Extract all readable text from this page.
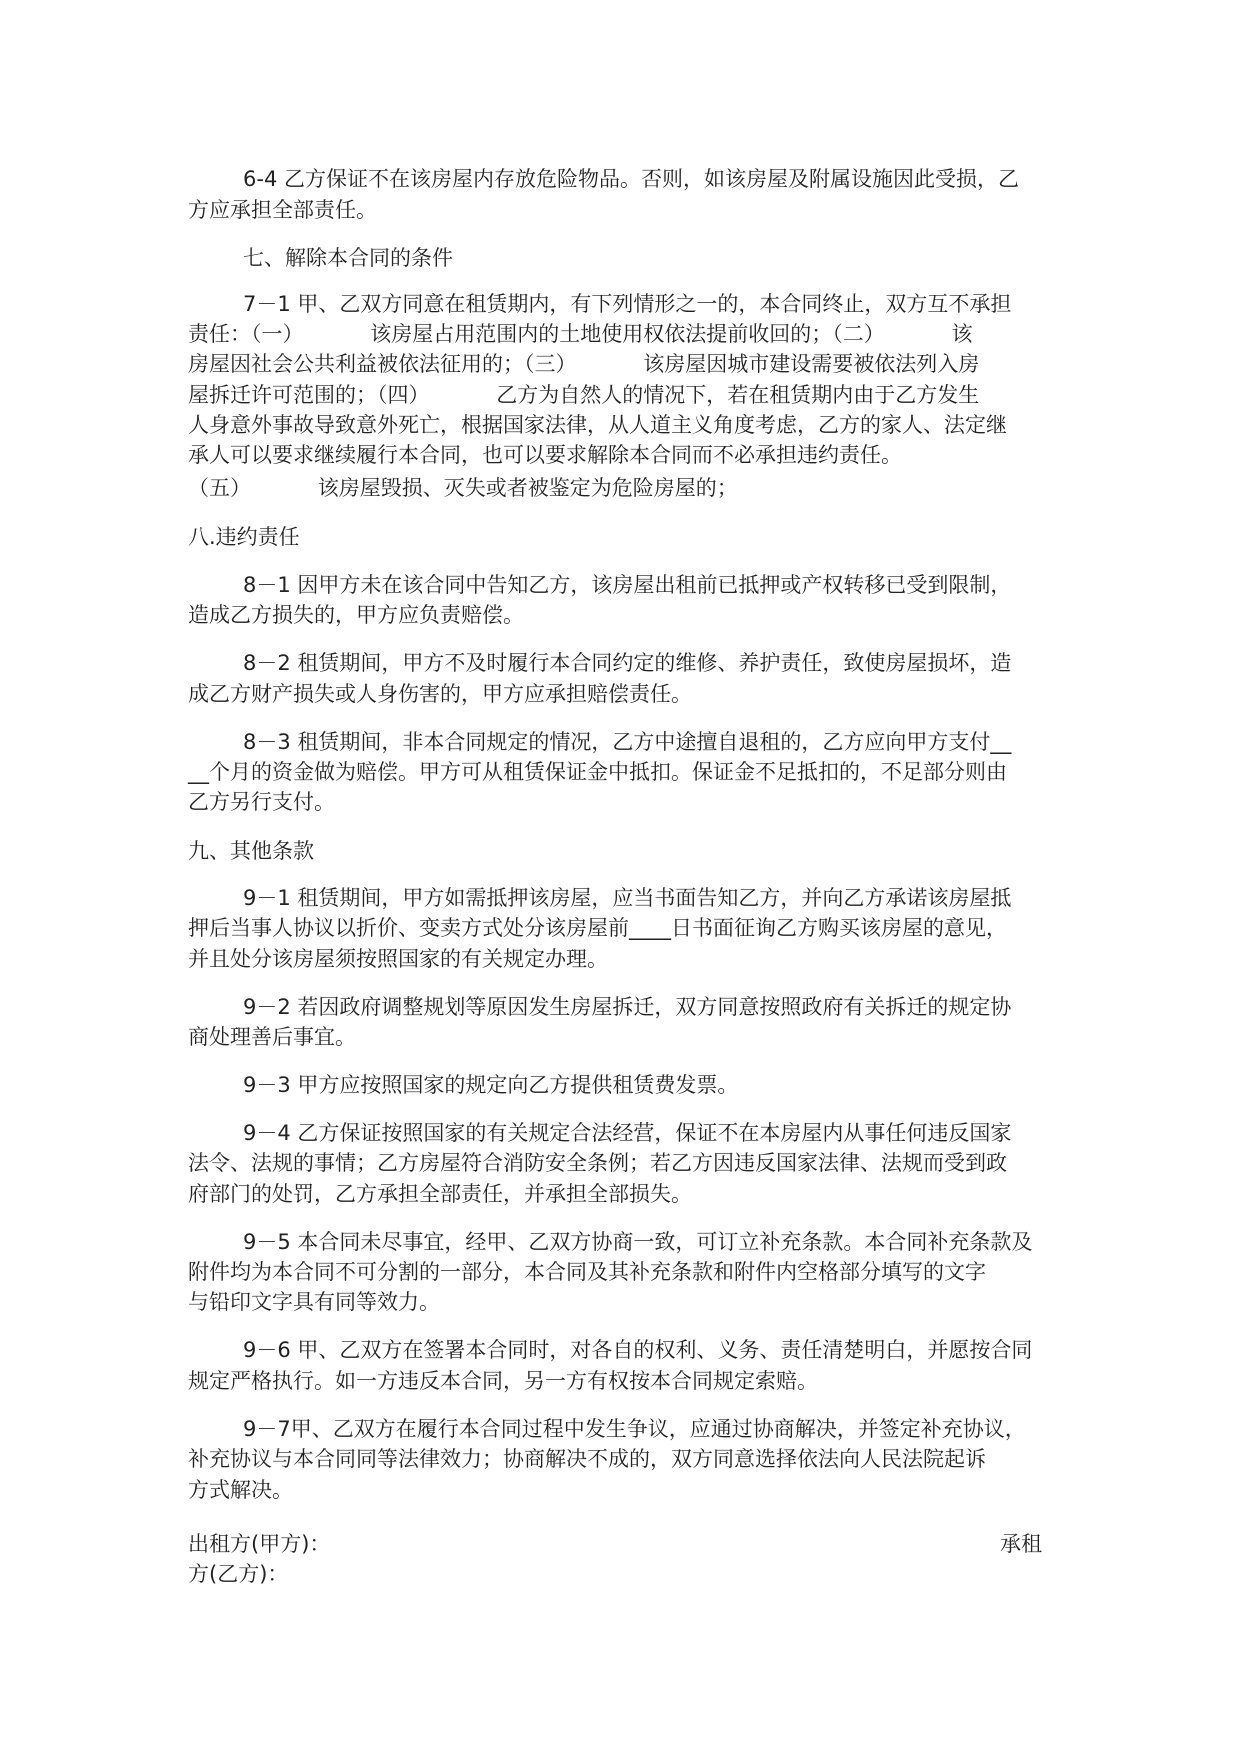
6-4 乙方保证不在该房屋内存放危险物品。否则，如该房屋及附属设施因此受损，乙
方应承担全部责任。
七、解除本合同的条件
7－1 甲、乙双方同意在租赁期内，有下列情形之一的，本合同终止，双方互不承担
责任：（一）          该房屋占用范围内的土地使用权依法提前收回的；（二）          该
房屋因社会公共利益被依法征用的；（三）          该房屋因城市建设需要被依法列入房
屋拆迁许可范围的；（四）          乙方为自然人的情况下，若在租赁期内由于乙方发生
人身意外事故导致意外死亡，根据国家法律，从人道主义角度考虑，乙方的家人、法定继
承人可以要求继续履行本合同，也可以要求解除本合同而不必承担违约责任。
（五）          该房屋毁损、灭失或者被鉴定为危险房屋的；
八.违约责任
8－1 因甲方未在该合同中告知乙方，该房屋出租前已抵押或产权转移已受到限制，
造成乙方损失的，甲方应负责赔偿。
8－2 租赁期间，甲方不及时履行本合同约定的维修、养护责任，致使房屋损坏，造
成乙方财产损失或人身伤害的，甲方应承担赔偿责任。
8－3 租赁期间，非本合同规定的情况，乙方中途擅自退租的，乙方应向甲方支付__
__个月的资金做为赔偿。甲方可从租赁保证金中抵扣。保证金不足抵扣的，不足部分则由
乙方另行支付。
九、其他条款
9－1 租赁期间，甲方如需抵押该房屋，应当书面告知乙方，并向乙方承诺该房屋抵
押后当事人协议以折价、变卖方式处分该房屋前____日书面征询乙方购买该房屋的意见，
并且处分该房屋须按照国家的有关规定办理。
9－2 若因政府调整规划等原因发生房屋拆迁，双方同意按照政府有关拆迁的规定协
商处理善后事宜。
9－3 甲方应按照国家的规定向乙方提供租赁费发票。
9－4 乙方保证按照国家的有关规定合法经营，保证不在本房屋内从事任何违反国家
法令、法规的事情；乙方房屋符合消防安全条例；若乙方因违反国家法律、法规而受到政
府部门的处罚，乙方承担全部责任，并承担全部损失。
9－5 本合同未尽事宜，经甲、乙双方协商一致，可订立补充条款。本合同补充条款及
附件均为本合同不可分割的一部分，本合同及其补充条款和附件内空格部分填写的文字
与铅印文字具有同等效力。
9－6 甲、乙双方在签署本合同时，对各自的权利、义务、责任清楚明白，并愿按合同
规定严格执行。如一方违反本合同，另一方有权按本合同规定索赔。
9－7甲、乙双方在履行本合同过程中发生争议，应通过协商解决，并签定补充协议，
补充协议与本合同同等法律效力；协商解决不成的，双方同意选择依法向人民法院起诉
方式解决。
出租方(甲方)：	承租
方(乙方)：
